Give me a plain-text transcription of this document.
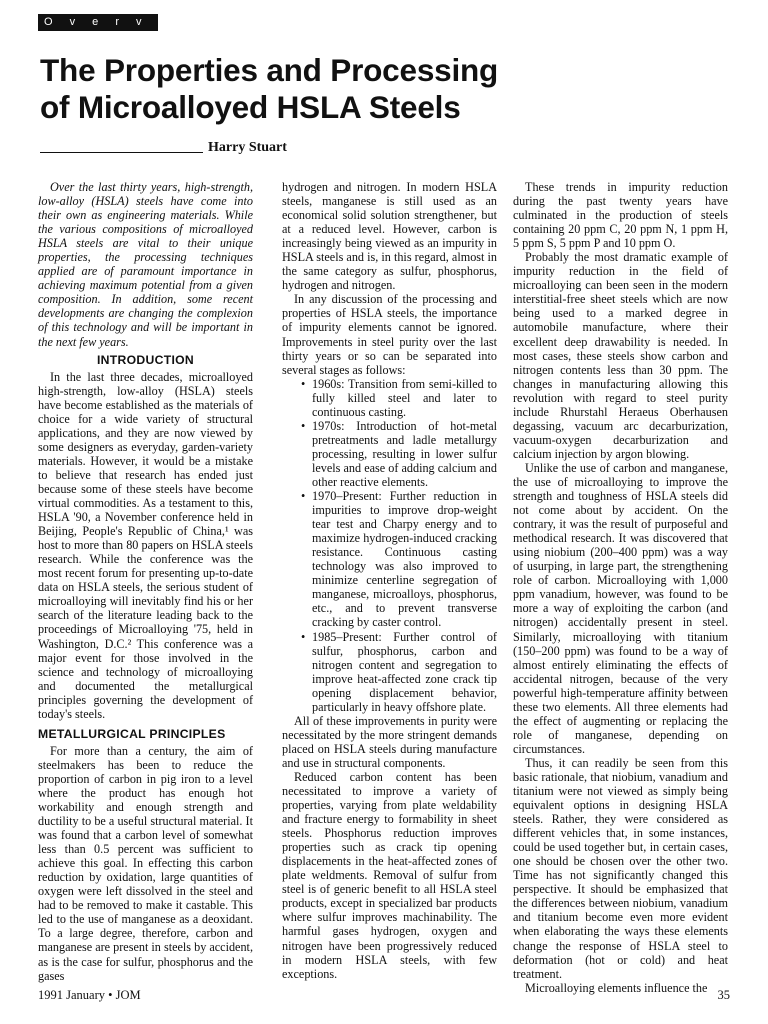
O v e r v i e w
The Properties and Processing
of Microalloyed HSLA Steels
Harry Stuart

Over the last thirty years, high-strength, low-alloy (HSLA) steels have come into their own as engineering materials. While the various compositions of microalloyed HSLA steels are vital to their unique properties, the processing techniques applied are of paramount importance in achieving maximum potential from a given composition. In addition, some recent developments are changing the complexion of this technology and will be important in the next few years.

INTRODUCTION

In the last three decades, microalloyed high-strength, low-alloy (HSLA) steels have become established as the materials of choice for a wide variety of structural applications, and they are now viewed by some designers as everyday, garden-variety materials. However, it would be a mistake to believe that research has ended just because some of these steels have become virtual commodities. As a testament to this, HSLA '90, a November conference held in Beijing, People's Republic of China,¹ was host to more than 80 papers on HSLA steels research. While the conference was the most recent forum for presenting up-to-date data on HSLA steels, the serious student of microalloying will inevitably find his or her search of the literature leading back to the proceedings of Microalloying '75, held in Washington, D.C.² This conference was a major event for those involved in the science and technology of microalloying and documented the metallurgical principles governing the development of today's steels.

METALLURGICAL PRINCIPLES

For more than a century, the aim of steelmakers has been to reduce the proportion of carbon in pig iron to a level where the product has enough hot workability and enough strength and ductility to be a useful structural material. It was found that a carbon level of somewhat less than 0.5 percent was sufficient to achieve this goal. In effecting this carbon reduction by oxidation, large quantities of oxygen were left dissolved in the steel and had to be removed to make it castable. This led to the use of manganese as a deoxidant. To a large degree, therefore, carbon and manganese are present in steels by accident, as is the case for sulfur, phosphorus and the gases

hydrogen and nitrogen. In modern HSLA steels, manganese is still used as an economical solid solution strengthener, but at a reduced level. However, carbon is increasingly being viewed as an impurity in HSLA steels and is, in this regard, almost in the same category as sulfur, phosphorus, hydrogen and nitrogen.

In any discussion of the processing and properties of HSLA steels, the importance of impurity elements cannot be ignored. Improvements in steel purity over the last thirty years or so can be separated into several stages as follows:

• 1960s: Transition from semi-killed to fully killed steel and later to continuous casting.
• 1970s: Introduction of hot-metal pretreatments and ladle metallurgy processing, resulting in lower sulfur levels and ease of adding calcium and other reactive elements.
• 1970–Present: Further reduction in impurities to improve drop-weight tear test and Charpy energy and to maximize hydrogen-induced cracking resistance. Continuous casting technology was also improved to minimize centerline segregation of manganese, microalloys, phosphorus, etc., and to prevent transverse cracking by caster control.
• 1985–Present: Further control of sulfur, phosphorus, carbon and nitrogen content and segregation to improve heat-affected zone crack tip opening displacement behavior, particularly in heavy offshore plate.

All of these improvements in purity were necessitated by the more stringent demands placed on HSLA steels during manufacture and use in structural components.

Reduced carbon content has been necessitated to improve a variety of properties, varying from plate weldability and fracture energy to formability in sheet steels. Phosphorus reduction improves properties such as crack tip opening displacements in the heat-affected zones of plate weldments. Removal of sulfur from steel is of generic benefit to all HSLA steel products, except in specialized bar products where sulfur improves machinability. The harmful gases hydrogen, oxygen and nitrogen have been progressively reduced in modern HSLA steels, with few exceptions.

These trends in impurity reduction during the past twenty years have culminated in the production of steels containing 20 ppm C, 20 ppm N, 1 ppm H, 5 ppm S, 5 ppm P and 10 ppm O.

Probably the most dramatic example of impurity reduction in the field of microalloying can been seen in the modern interstitial-free sheet steels which are now being used to a marked degree in automobile manufacture, where their excellent deep drawability is needed. In most cases, these steels show carbon and nitrogen contents less than 30 ppm. The changes in manufacturing allowing this revolution with regard to steel purity include Rhurstahl Heraeus Oberhausen degassing, vacuum arc decarburization, vacuum-oxygen decarburization and calcium injection by argon blowing.

Unlike the use of carbon and manganese, the use of microalloying to improve the strength and toughness of HSLA steels did not come about by accident. On the contrary, it was the result of purposeful and methodical research. It was discovered that using niobium (200–400 ppm) was a way of usurping, in large part, the strengthening role of carbon. Microalloying with 1,000 ppm vanadium, however, was found to be more a way of exploiting the carbon (and nitrogen) accidentally present in steel. Similarly, microalloying with titanium (150–200 ppm) was found to be a way of almost entirely eliminating the effects of accidental nitrogen, because of the very powerful high-temperature affinity between these two elements. All three elements had the effect of augmenting or replacing the role of manganese, depending on circumstances.

Thus, it can readily be seen from this basic rationale, that niobium, vanadium and titanium were not viewed as simply being equivalent options in designing HSLA steels. Rather, they were considered as different vehicles that, in some instances, could be used together but, in certain cases, one should be chosen over the other two. Time has not significantly changed this perspective. It should be emphasized that the differences between niobium, vanadium and titanium become even more evident when elaborating the ways these elements change the response of HSLA steel to deformation (hot or cold) and heat treatment.

Microalloying elements influence the

1991 January • JOM	35
